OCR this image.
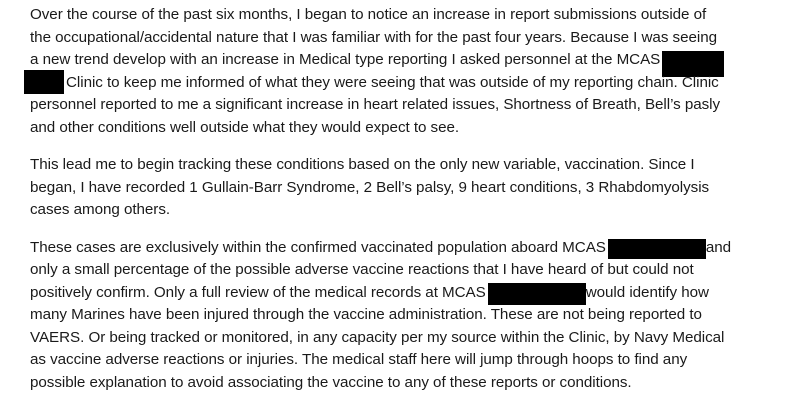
Over the course of the past six months, I began to notice an increase in report submissions outside of
the occupational/accidental nature that I was familiar with for the past four years. Because I was seeing
a new trend develop with an increase in Medical type reporting I asked personnel at the MCAS
Clinic to keep me informed of what they were seeing that was outside of my reporting chain. Clinic
personnel reported to me a significant increase in heart related issues, Shortness of Breath, Bell’s pasly
and other conditions well outside what they would expect to see.
This lead me to begin tracking these conditions based on the only new variable, vaccination. Since I
began, I have recorded 1 Gullain-Barr Syndrome, 2 Bell’s palsy, 9 heart conditions, 3 Rhabdomyolysis
cases among others.
These cases are exclusively within the confirmed vaccinated population aboard MCAS	and
only a small percentage of the possible adverse vaccine reactions that I have heard of but could not
positively confirm. Only a full review of the medical records at MCAS	would identify how
many Marines have been injured through the vaccine administration. These are not being reported to
VAERS. Or being tracked or monitored, in any capacity per my source within the Clinic, by Navy Medical
as vaccine adverse reactions or injuries. The medical staff here will jump through hoops to find any
possible explanation to avoid associating the vaccine to any of these reports or conditions.
